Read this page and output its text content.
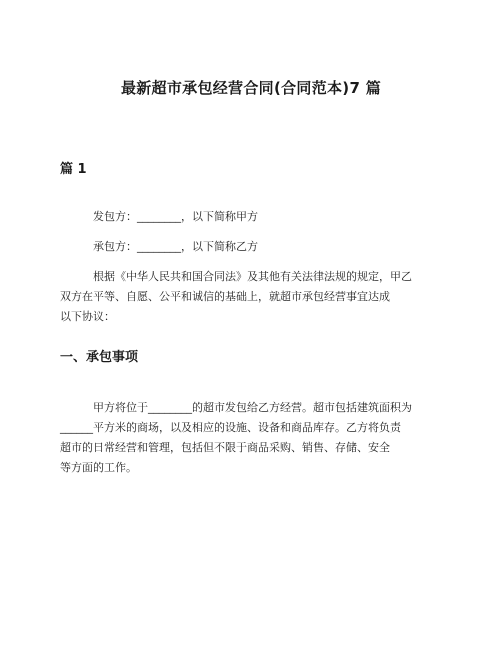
最新超市承包经营合同(合同范本)7 篇
篇 1
发包方：________，以下简称甲方
承包方：________，以下简称乙方
根据《中华人民共和国合同法》及其他有关法律法规的规定，甲乙
双方在平等、自愿、公平和诚信的基础上，就超市承包经营事宜达成
以下协议：
一、承包事项
甲方将位于________的超市发包给乙方经营。超市包括建筑面积为
______平方米的商场，以及相应的设施、设备和商品库存。乙方将负责
超市的日常经营和管理，包括但不限于商品采购、销售、存储、安全
等方面的工作。
